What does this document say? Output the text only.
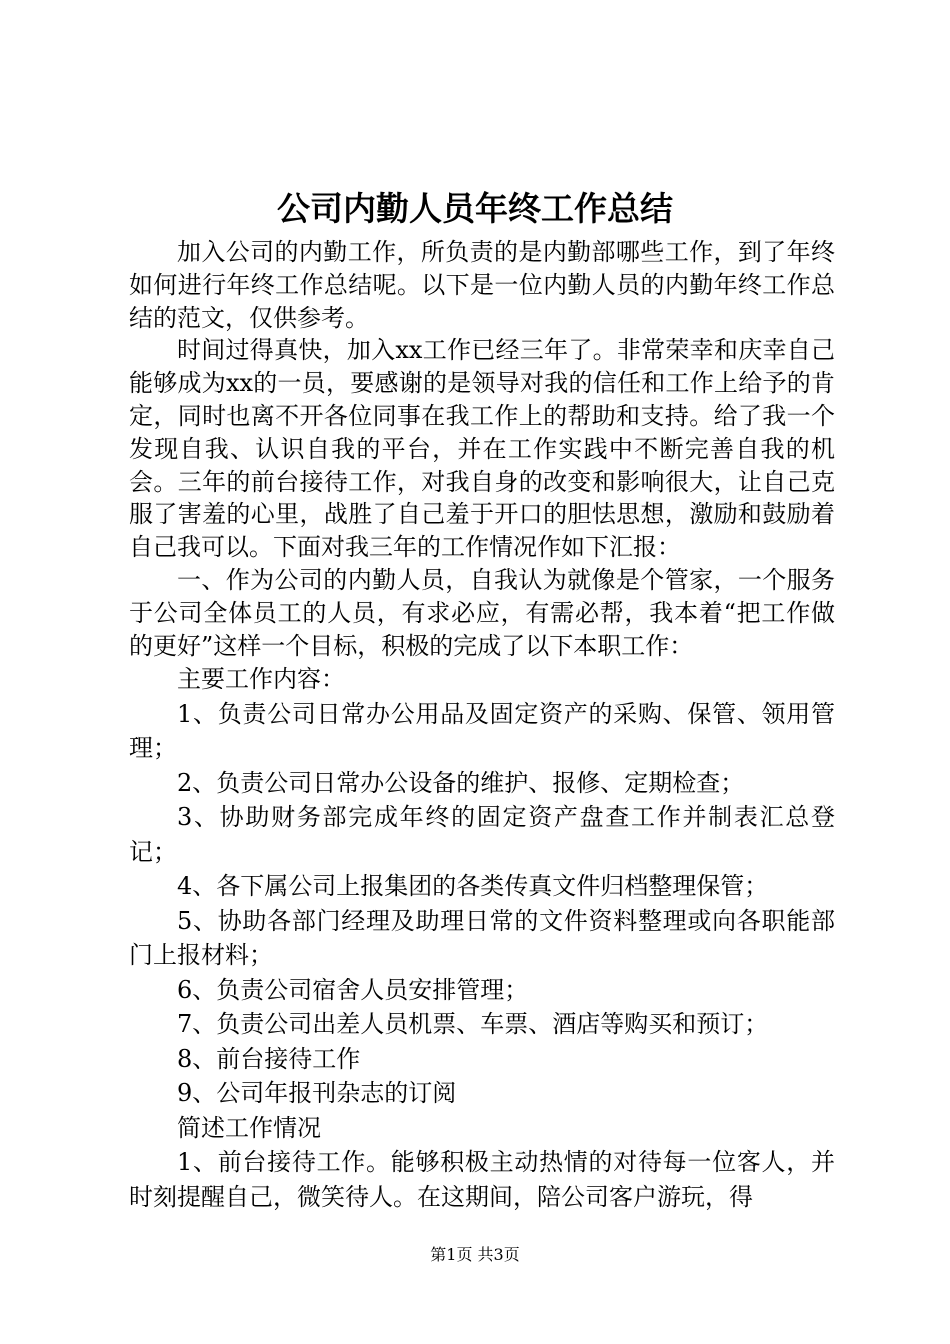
公司内勤人员年终工作总结

加入公司的内勤工作，所负责的是内勤部哪些工作，到了年终如何进行年终工作总结呢。以下是一位内勤人员的内勤年终工作总结的范文，仅供参考。

时间过得真快，加入xx工作已经三年了。非常荣幸和庆幸自己能够成为xx的一员，要感谢的是领导对我的信任和工作上给予的肯定，同时也离不开各位同事在我工作上的帮助和支持。给了我一个发现自我、认识自我的平台，并在工作实践中不断完善自我的机会。三年的前台接待工作，对我自身的改变和影响很大，让自己克服了害羞的心里，战胜了自己羞于开口的胆怯思想，激励和鼓励着自己我可以。下面对我三年的工作情况作如下汇报：

一、作为公司的内勤人员，自我认为就像是个管家，一个服务于公司全体员工的人员，有求必应，有需必帮，我本着“把工作做的更好”这样一个目标，积极的完成了以下本职工作：

主要工作内容：

1、负责公司日常办公用品及固定资产的采购、保管、领用管理；

2、负责公司日常办公设备的维护、报修、定期检查；

3、协助财务部完成年终的固定资产盘查工作并制表汇总登记；

4、各下属公司上报集团的各类传真文件归档整理保管；

5、协助各部门经理及助理日常的文件资料整理或向各职能部门上报材料；

6、负责公司宿舍人员安排管理；

7、负责公司出差人员机票、车票、酒店等购买和预订；

8、前台接待工作

9、公司年报刊杂志的订阅

简述工作情况

1、前台接待工作。能够积极主动热情的对待每一位客人，并时刻提醒自己，微笑待人。在这期间，陪公司客户游玩，得

第1页 共3页
